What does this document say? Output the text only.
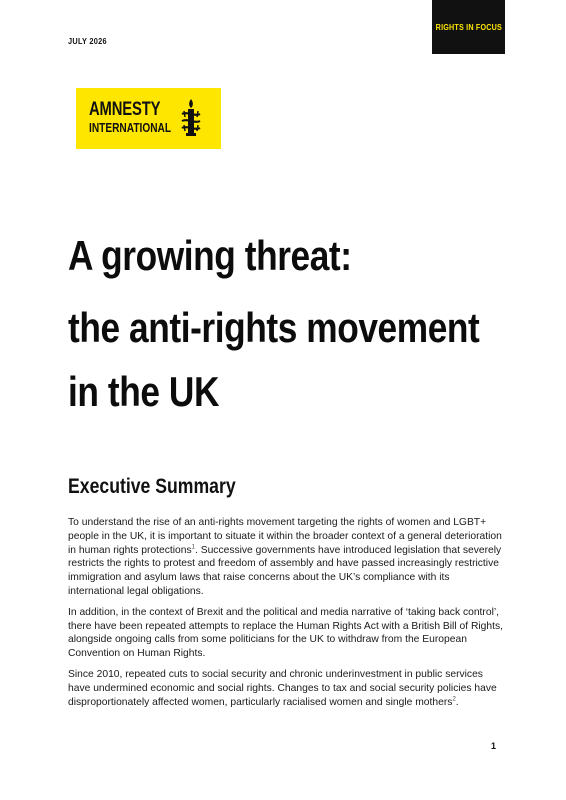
JULY 2026
RIGHTS IN FOCUS
AMNESTY
INTERNATIONAL
A growing threat:
the anti-rights movement
in the UK
Executive Summary

To understand the rise of an anti-rights movement targeting the rights of women and LGBT+ people in the UK, it is important to situate it within the broader context of a general deterioration in human rights protections$^1$. Successive governments have introduced legislation that severely restricts the rights to protest and freedom of assembly and have passed increasingly restrictive immigration and asylum laws that raise concerns about the UK’s compliance with its international legal obligations.

In addition, in the context of Brexit and the political and media narrative of ‘taking back control’, there have been repeated attempts to replace the Human Rights Act with a British Bill of Rights, alongside ongoing calls from some politicians for the UK to withdraw from the European Convention on Human Rights.

Since 2010, repeated cuts to social security and chronic underinvestment in public services have undermined economic and social rights. Changes to tax and social security policies have disproportionately affected women, particularly racialised women and single mothers$^2$.

1
